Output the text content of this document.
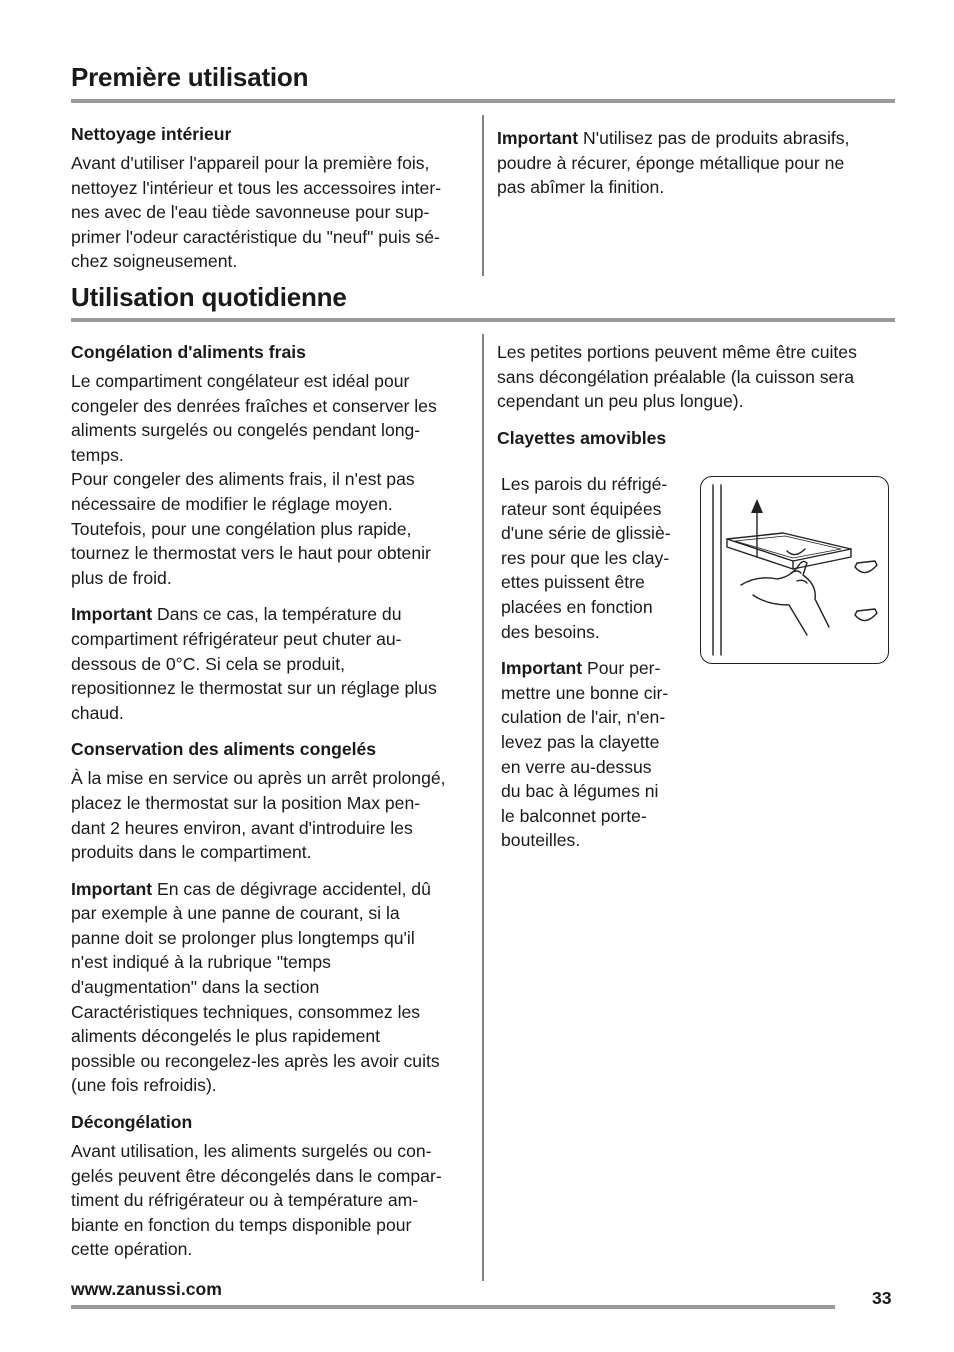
Première utilisation
Nettoyage intérieur

Avant d'utiliser l'appareil pour la première fois,
nettoyez l'intérieur et tous les accessoires inter-
nes avec de l'eau tiède savonneuse pour sup-
primer l'odeur caractéristique du "neuf" puis sé-
chez soigneusement.

Important N'utilisez pas de produits abrasifs,
poudre à récurer, éponge métallique pour ne
pas abîmer la finition.

Utilisation quotidienne
Congélation d'aliments frais

Le compartiment congélateur est idéal pour
congeler des denrées fraîches et conserver les
aliments surgelés ou congelés pendant long-
temps.
Pour congeler des aliments frais, il n'est pas
nécessaire de modifier le réglage moyen.
Toutefois, pour une congélation plus rapide,
tournez le thermostat vers le haut pour obtenir
plus de froid.

Important Dans ce cas, la température du
compartiment réfrigérateur peut chuter au-
dessous de 0°C. Si cela se produit,
repositionnez le thermostat sur un réglage plus
chaud.

Conservation des aliments congelés

À la mise en service ou après un arrêt prolongé,
placez le thermostat sur la position Max pen-
dant 2 heures environ, avant d'introduire les
produits dans le compartiment.

Important En cas de dégivrage accidentel, dû
par exemple à une panne de courant, si la
panne doit se prolonger plus longtemps qu'il
n'est indiqué à la rubrique "temps
d'augmentation" dans la section
Caractéristiques techniques, consommez les
aliments décongelés le plus rapidement
possible ou recongelez-les après les avoir cuits
(une fois refroidis).

Décongélation

Avant utilisation, les aliments surgelés ou con-
gelés peuvent être décongelés dans le compar-
timent du réfrigérateur ou à température am-
biante en fonction du temps disponible pour
cette opération.

Les petites portions peuvent même être cuites
sans décongélation préalable (la cuisson sera
cependant un peu plus longue).

Clayettes amovibles

Les parois du réfrigé-
rateur sont équipées
d'une série de glissiè-
res pour que les clay-
ettes puissent être
placées en fonction
des besoins.

Important Pour per-
mettre une bonne cir-
culation de l'air, n'en-
levez pas la clayette
en verre au-dessus
du bac à légumes ni
le balconnet porte-
bouteilles.

www.zanussi.com	33
